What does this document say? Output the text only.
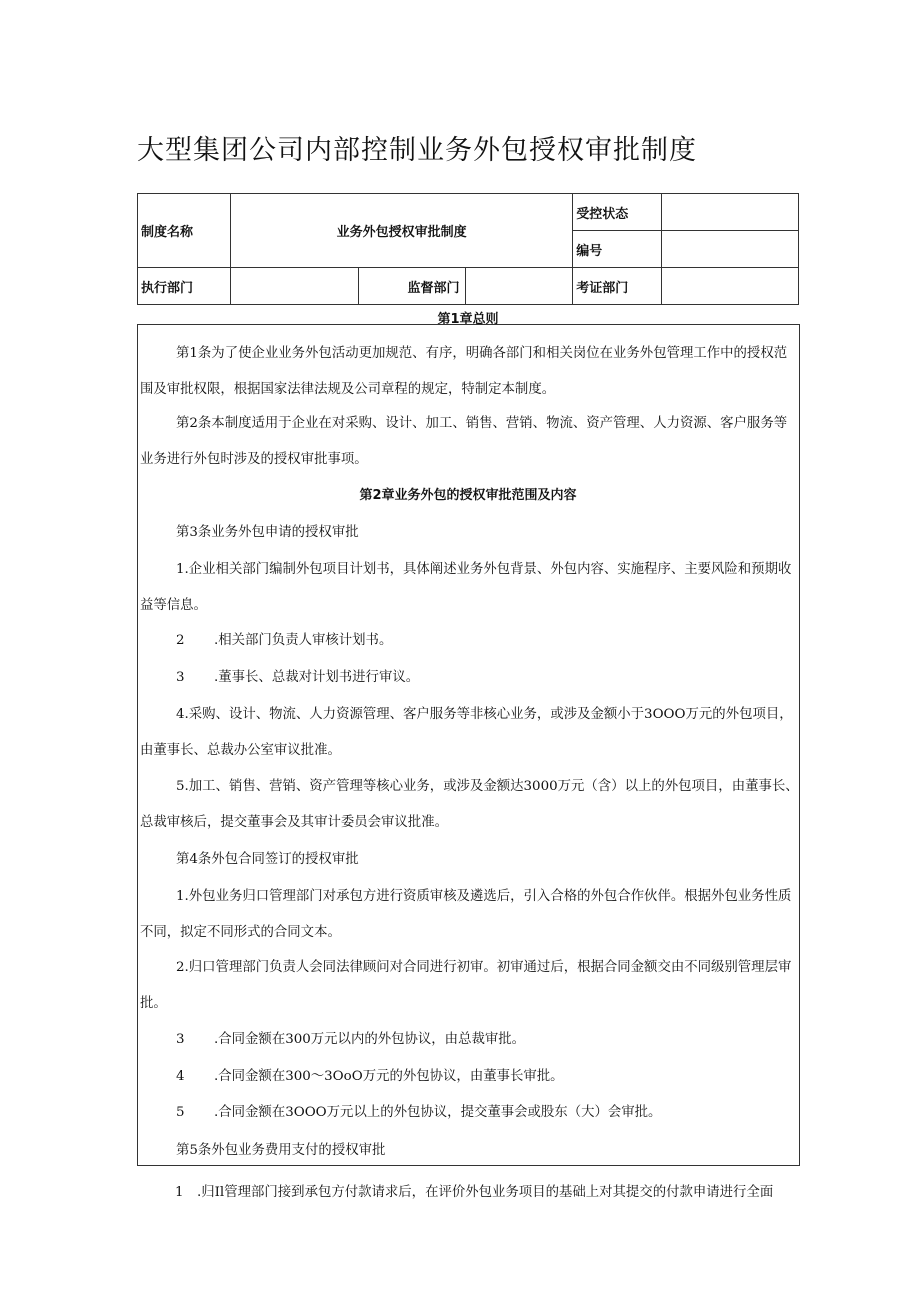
大型集团公司内部控制业务外包授权审批制度
制度名称	业务外包授权审批制度			受控状态	
				编号	
执行部门		监督部门		考证部门	
第1章总则

第1条为了使企业业务外包活动更加规范、有序，明确各部门和相关岗位在业务外包管理工作中的授权范围及审批权限，根据国家法律法规及公司章程的规定，特制定本制度。

第2条本制度适用于企业在对采购、设计、加工、销售、营销、物流、资产管理、人力资源、客户服务等业务进行外包时涉及的授权审批事项。

第2章业务外包的授权审批范围及内容

第3条业务外包申请的授权审批

1.企业相关部门编制外包项目计划书，具体阐述业务外包背景、外包内容、实施程序、主要风险和预期收益等信息。

2 .相关部门负责人审核计划书。

3 .董事长、总裁对计划书进行审议。

4.采购、设计、物流、人力资源管理、客户服务等非核心业务，或涉及金额小于3OOO万元的外包项目，由董事长、总裁办公室审议批准。

5.加工、销售、营销、资产管理等核心业务，或涉及金额达3000万元（含）以上的外包项目，由董事长、总裁审核后，提交董事会及其审计委员会审议批准。

第4条外包合同签订的授权审批

1.外包业务归口管理部门对承包方进行资质审核及遴选后，引入合格的外包合作伙伴。根据外包业务性质不同，拟定不同形式的合同文本。

2.归口管理部门负责人会同法律顾问对合同进行初审。初审通过后，根据合同金额交由不同级别管理层审批。

3 .合同金额在300万元以内的外包协议，由总裁审批。

4 .合同金额在300～3OoO万元的外包协议，由董事长审批。

5 .合同金额在3OOO万元以上的外包协议，提交董事会或股东（大）会审批。

第5条外包业务费用支付的授权审批

1 .归Il管理部门接到承包方付款请求后，在评价外包业务项目的基础上对其提交的付款申请进行全面
